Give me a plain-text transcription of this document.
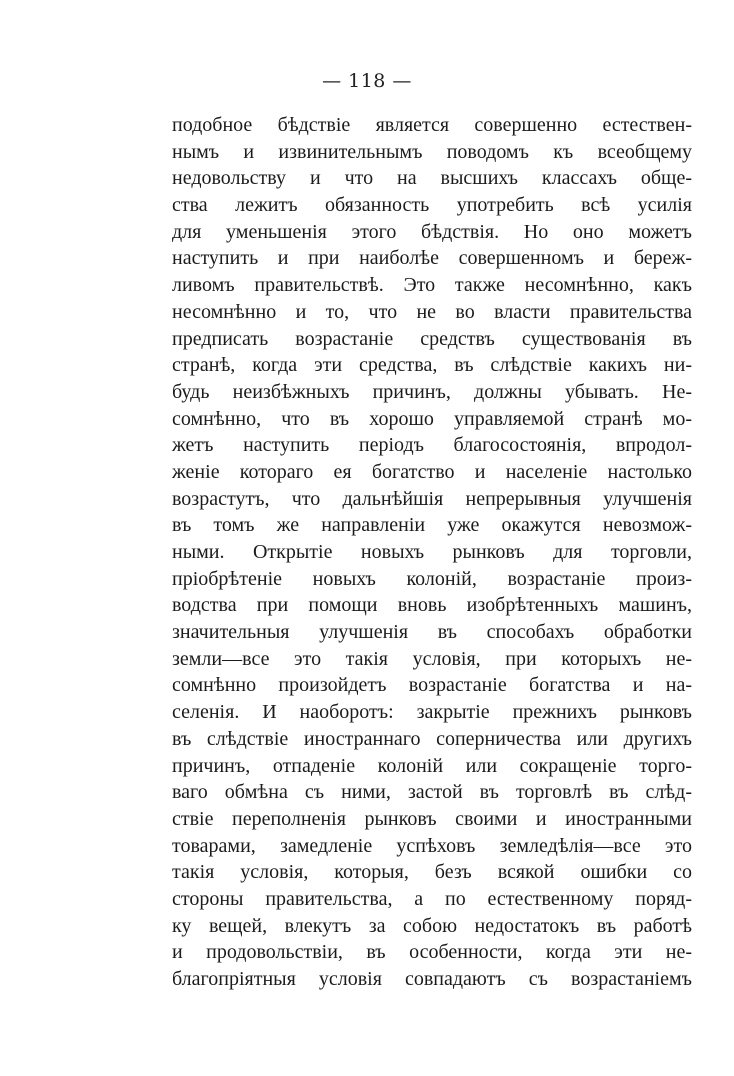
— 118 —
подобное бѣдствіе является совершенно естествен-
нымъ и извинительнымъ поводомъ къ всеобщему
недовольству и что на высшихъ классахъ обще-
ства лежитъ обязанность употребить всѣ усилія
для уменьшенія этого бѣдствія. Но оно можетъ
наступить и при наиболѣе совершенномъ и береж-
ливомъ правительствѣ. Это также несомнѣнно, какъ
несомнѣнно и то, что не во власти правительства
предписать возрастаніе средствъ существованія въ
странѣ, когда эти средства, въ слѣдствіе какихъ ни-
будь неизбѣжныхъ причинъ, должны убывать. Не-
сомнѣнно, что въ хорошо управляемой странѣ мо-
жетъ наступить періодъ благосостоянія, впродол-
женіе котораго ея богатство и населеніе настолько
возрастутъ, что дальнѣйшія непрерывныя улучшенія
въ томъ же направленіи уже окажутся невозмож-
ными. Открытіе новыхъ рынковъ для торговли,
пріобрѣтеніе новыхъ колоній, возрастаніе произ-
водства при помощи вновь изобрѣтенныхъ машинъ,
значительныя улучшенія въ способахъ обработки
земли—все это такія условія, при которыхъ не-
сомнѣнно произойдетъ возрастаніе богатства и на-
селенія. И наоборотъ: закрытіе прежнихъ рынковъ
въ слѣдствіе иностраннаго соперничества или другихъ
причинъ, отпаденіе колоній или сокращеніе торго-
ваго обмѣна съ ними, застой въ торговлѣ въ слѣд-
ствіе переполненія рынковъ своими и иностранными
товарами, замедленіе успѣховъ земледѣлія—все это
такія условія, которыя, безъ всякой ошибки со
стороны правительства, а по естественному поряд-
ку вещей, влекутъ за собою недостатокъ въ работѣ
и продовольствіи, въ особенности, когда эти не-
благопріятныя условія совпадаютъ съ возрастаніемъ
